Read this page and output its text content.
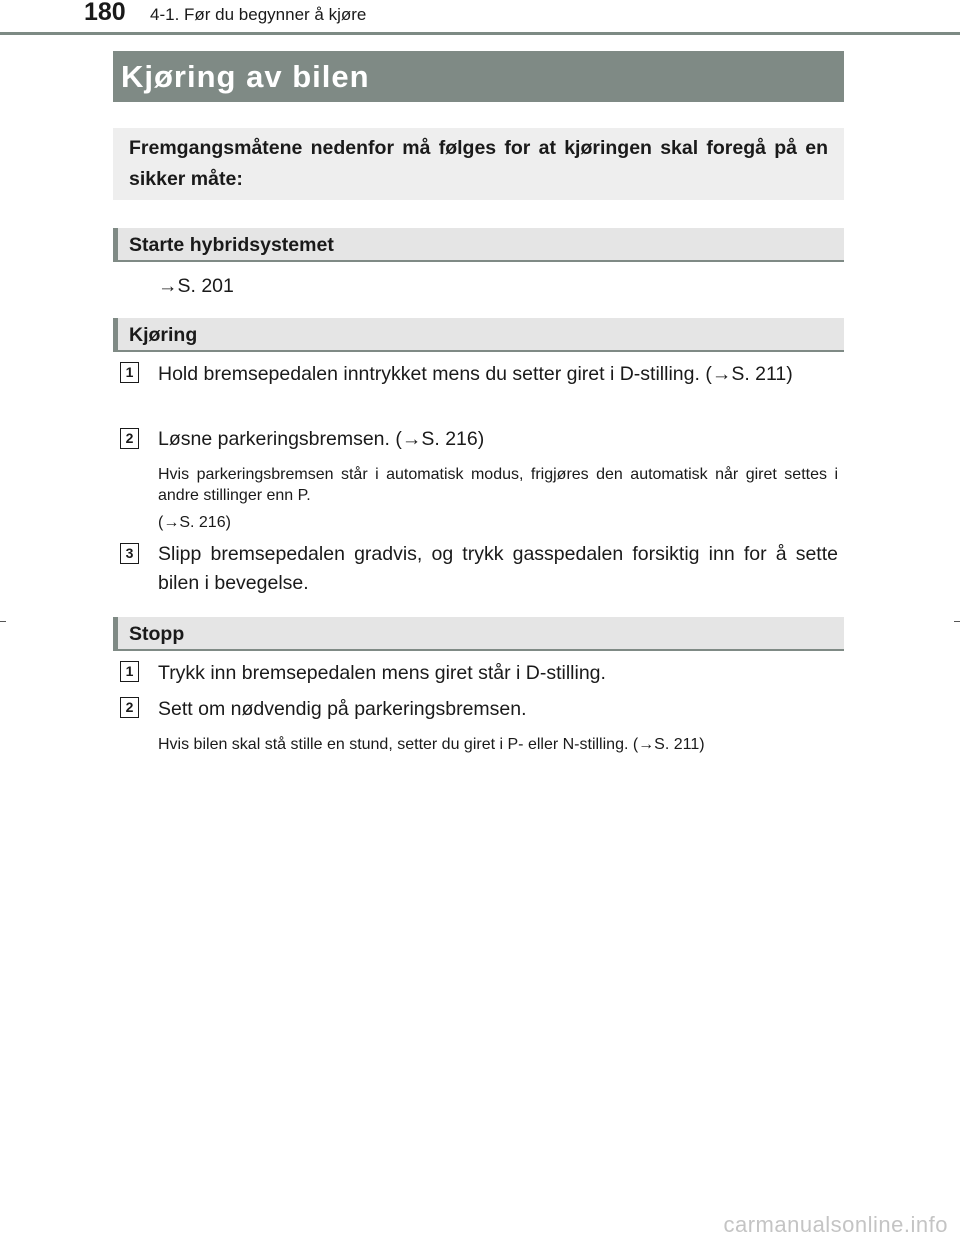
180 4-1. Før du begynner å kjøre
Kjøring av bilen
Fremgangsmåtene nedenfor må følges for at kjøringen skal foregå på en sikker måte:
Starte hybridsystemet
→S. 201
Kjøring
1 Hold bremsepedalen inntrykket mens du setter giret i D-stilling. (→S. 211)
2 Løsne parkeringsbremsen. (→S. 216)
Hvis parkeringsbremsen står i automatisk modus, frigjøres den automatisk når giret settes i andre stillinger enn P.
(→S. 216)
3 Slipp bremsepedalen gradvis, og trykk gasspedalen forsiktig inn for å sette bilen i bevegelse.
Stopp
1 Trykk inn bremsepedalen mens giret står i D-stilling.
2 Sett om nødvendig på parkeringsbremsen.
Hvis bilen skal stå stille en stund, setter du giret i P- eller N-stilling. (→S. 211)
carmanualsonline.info
